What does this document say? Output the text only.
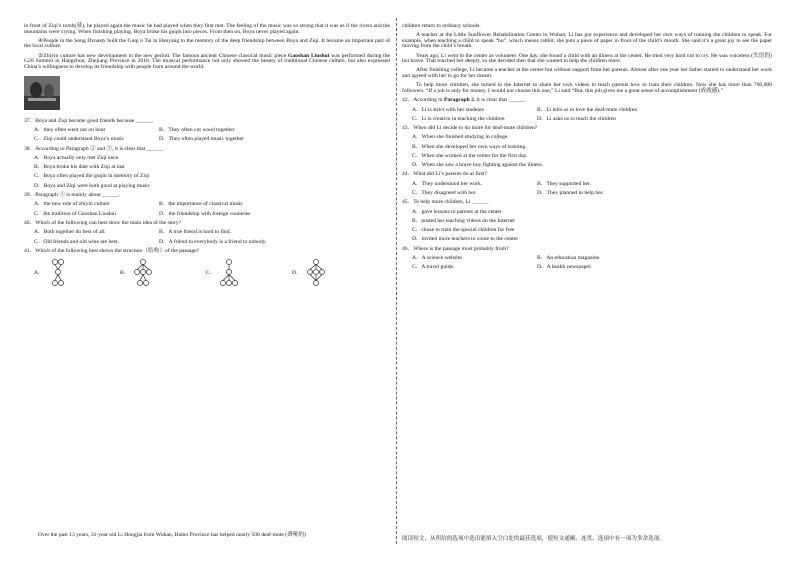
in front of Ziqi’s tomb(墓), he played again the music he had played when they first met. The feeling of the music was so strong that it was as if the rivers and the mountains were crying. When finishing playing, Boya broke his guqin into pieces. From then on, Boya never played again.

④People in the Song Dynasty built the Guqi n Tai in Hanyang to the memory of the deep friendship between Boya and Ziqi. It became an important part of the local culture.

⑤Zhiyin culture has new development in the new period. The famous ancient Chinese classical music piece Gaoshan Liushui was performed during the G20 Summit in Hangzhou, Zhejiang Province in 2016. The musical performance not only showed the beauty of traditional Chinese culture, but also expressed China’s willingness to develop its friendship with people from around the world.

37．Boya and Ziqi became good friends because ______.

A．they often went out on boat	B．They often cut wood together
C．Ziqi could understand Boya’s music	D．They often played music together

38．According to Paragraph ② and ③, it is clear that ______.

A．Boya actually only met Ziqi once
B．Boya broke his date with Ziqi at last
C．Boya often played the guqin in memory of Ziqi
D．Boya and Ziqi were both good at playing music

39．Paragraph ⑤ is mainly about ______.

A．the new role of zhiyin culture	B．the importance of classical music
C．the tradition of Gaoshan Liushui	D．the friendship with foreign countries

40．Which of the following can best show the main idea of the story?

A．Both together do best of all.	B．A true friend is hard to find.
C．Old friends and old wine are best.	D．A friend to everybody is a friend to nobody.

41．Which of the following best shows the structure（结构）of the passage?

A．	B．	C．	D．

Over the past 13 years, 31-year old Li Hongjia from Wuhan, Hubei Province has helped nearly 500 deaf-mute (聋哑的)

children return to ordinary schools.

A teacher at the Little Sunflower Rehabilitation Center in Wuhan, Li has got experience and developed her own ways of training the children to speak. For example, when teaching a child to speak “hu”, which means rabbit, she puts a piece of paper in front of the child’s mouth. She said it’s a great joy to see the paper moving from the child’s breath.

Years ago, Li went to the center as volunteer. One day, she found a child with an illness at the center. He tried very hard not to cry. He was voiceless (失语的) but brave. That touched her deeply, so she decided then that she wanted to help the children more.

After finishing college, Li became a teacher at the center but without support from her parents. Almost after one year her father started to understand her work and agreed with her to go for her dream.

To help more children, she turned to the Internet to share her own videos to teach parents how to train their children. Now she has more than 760,000 followers. “If a job is only for money, I would not choose this one,” Li said “But, this job gives me a great sense of accomplishment (成就感).”

42．According to Paragraph 2, it is clear that ______.

A．Li is strict with her students	B．Li tells us to love the deaf-mute children
C．Li is creative in teaching the children	D．Li asks us to teach the children

43．When did Li decide to do more for deaf-mute children?

A．When she finished studying in college.
B．When she developed her own ways of training.
C．When she worked at the center for the first day.
D．When she saw a brave boy fighting against the illness.

44．What did Li’s parents do at first?

A．They understood her work.	B．They supported her.
C．They disagreed with her.	D．They planned to help her.

45．To help more children, Li ______

A．gave lessons to parents at the center
B．posted her teaching videos on the Internet
C．chose to train the special children for free
D．invited more teachers to come to the center

46．Where is the passage most probably from?

A．A science website.	B．An education magazine.
C．A travel guide.	D．A health newspaper.

阅读短文，从所给的选项中选出能填入空白处的最佳选项，使短文通顺、连贯。选项中有一项为多余选项。
